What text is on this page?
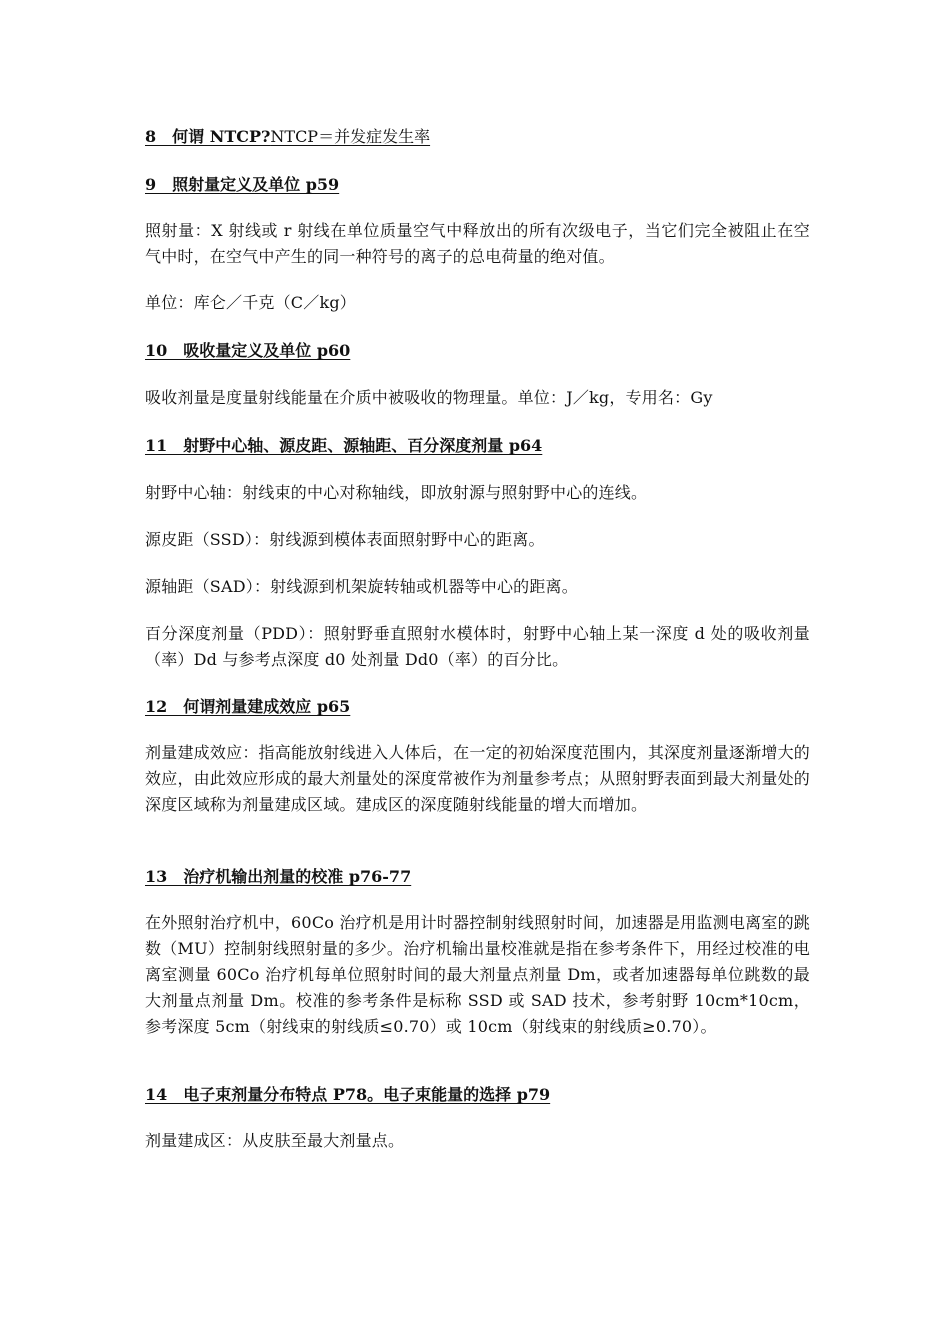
8　何谓 NTCP?NTCP＝并发症发生率
9　照射量定义及单位 p59
照射量：X 射线或 r 射线在单位质量空气中释放出的所有次级电子，当它们完全被阻止在空气中时，在空气中产生的同一种符号的离子的总电荷量的绝对值。
单位：库仑／千克（C／kg）
10　吸收量定义及单位 p60
吸收剂量是度量射线能量在介质中被吸收的物理量。单位：J／kg，专用名：Gy
11　射野中心轴、源皮距、源轴距、百分深度剂量 p64
射野中心轴：射线束的中心对称轴线，即放射源与照射野中心的连线。
源皮距（SSD）：射线源到模体表面照射野中心的距离。
源轴距（SAD）：射线源到机架旋转轴或机器等中心的距离。
百分深度剂量（PDD）：照射野垂直照射水模体时，射野中心轴上某一深度 d 处的吸收剂量（率）Dd 与参考点深度 d0 处剂量 Dd0（率）的百分比。
12　何谓剂量建成效应 p65
剂量建成效应：指高能放射线进入人体后，在一定的初始深度范围内，其深度剂量逐渐增大的效应，由此效应形成的最大剂量处的深度常被作为剂量参考点；从照射野表面到最大剂量处的深度区域称为剂量建成区域。建成区的深度随射线能量的增大而增加。
13　治疗机输出剂量的校准 p76-77
在外照射治疗机中，60Co 治疗机是用计时器控制射线照射时间，加速器是用监测电离室的跳数（MU）控制射线照射量的多少。治疗机输出量校准就是指在参考条件下，用经过校准的电离室测量 60Co 治疗机每单位照射时间的最大剂量点剂量 Dm，或者加速器每单位跳数的最大剂量点剂量 Dm。校准的参考条件是标称 SSD 或 SAD 技术，参考射野 10cm*10cm，参考深度 5cm（射线束的射线质≤0.70）或 10cm（射线束的射线质≥0.70）。
14　电子束剂量分布特点 P78。电子束能量的选择 p79
剂量建成区：从皮肤至最大剂量点。
